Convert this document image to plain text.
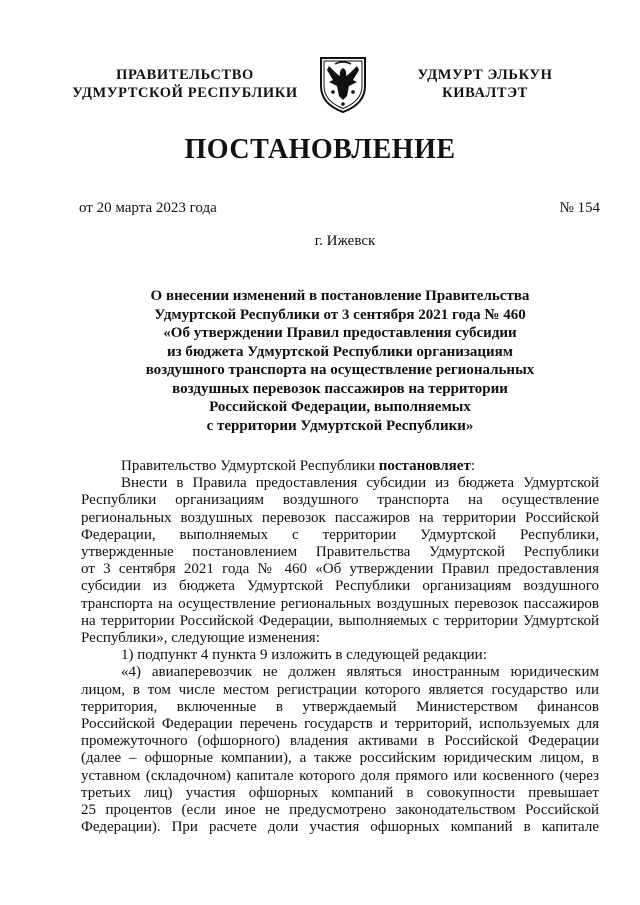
ПРАВИТЕЛЬСТВО
УДМУРТСКОЙ РЕСПУБЛИКИ
УДМУРТ ЭЛЬКУН
КИВАЛТЭТ
ПОСТАНОВЛЕНИЕ
от 20 марта 2023 года	№ 154
г. Ижевск
О внесении изменений в постановление Правительства
Удмуртской Республики от 3 сентября 2021 года № 460
«Об утверждении Правил предоставления субсидии
из бюджета Удмуртской Республики организациям
воздушного транспорта на осуществление региональных
воздушных перевозок пассажиров на территории
Российской Федерации, выполняемых
с территории Удмуртской Республики»
Правительство Удмуртской Республики постановляет:
Внести в Правила предоставления субсидии из бюджета Удмуртской
Республики организациям воздушного транспорта на осуществление
региональных воздушных перевозок пассажиров на территории Российской
Федерации, выполняемых с территории Удмуртской Республики,
утвержденные постановлением Правительства Удмуртской Республики
от 3 сентября 2021 года № 460 «Об утверждении Правил предоставления
субсидии из бюджета Удмуртской Республики организациям воздушного
транспорта на осуществление региональных воздушных перевозок пассажиров
на территории Российской Федерации, выполняемых с территории Удмуртской
Республики», следующие изменения:
1) подпункт 4 пункта 9 изложить в следующей редакции:
«4) авиаперевозчик не должен являться иностранным юридическим
лицом, в том числе местом регистрации которого является государство или
территория, включенные в утверждаемый Министерством финансов
Российской Федерации перечень государств и территорий, используемых для
промежуточного (офшорного) владения активами в Российской Федерации
(далее – офшорные компании), а также российским юридическим лицом, в
уставном (складочном) капитале которого доля прямого или косвенного (через
третьих лиц) участия офшорных компаний в совокупности превышает
25 процентов (если иное не предусмотрено законодательством Российской
Федерации). При расчете доли участия офшорных компаний в капитале
